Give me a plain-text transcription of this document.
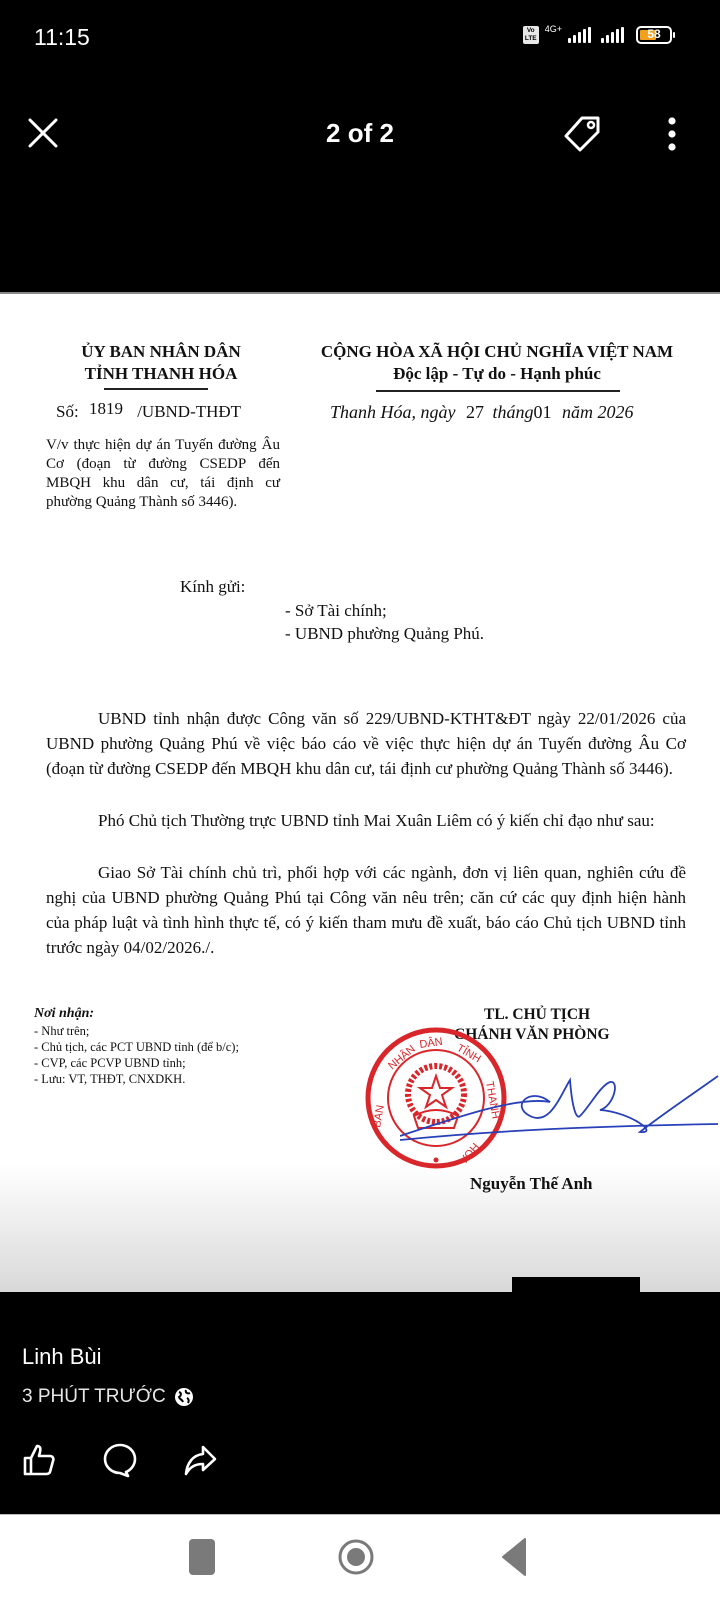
11:15	Vo
LTE
4G+	58
2 of 2
ỦY BAN NHÂN DÂN
TỈNH THANH HÓA
CỘNG HÒA XÃ HỘI CHỦ NGHĨA VIỆT NAM
Độc lập - Tự do - Hạnh phúc
Số: 1819 /UBND-THĐT	Thanh Hóa, ngày 27 tháng01 năm 2026
V/v thực hiện dự án Tuyến đường Âu Cơ (đoạn từ đường CSEDP đến MBQH khu dân cư, tái định cư phường Quảng Thành số 3446).
Kính gửi:
- Sở Tài chính;
- UBND phường Quảng Phú.
UBND tỉnh nhận được Công văn số 229/UBND-KTHT&ĐT ngày 22/01/2026 của UBND phường Quảng Phú về việc báo cáo về việc thực hiện dự án Tuyến đường Âu Cơ (đoạn từ đường CSEDP đến MBQH khu dân cư, tái định cư phường Quảng Thành số 3446).
Phó Chủ tịch Thường trực UBND tỉnh Mai Xuân Liêm có ý kiến chỉ đạo như sau:
Giao Sở Tài chính chủ trì, phối hợp với các ngành, đơn vị liên quan, nghiên cứu đề nghị của UBND phường Quảng Phú tại Công văn nêu trên; căn cứ các quy định hiện hành của pháp luật và tình hình thực tế, có ý kiến tham mưu đề xuất, báo cáo Chủ tịch UBND tỉnh trước ngày 04/02/2026./.
Nơi nhận:
- Như trên;
- Chủ tịch, các PCT UBND tỉnh (để b/c);
- CVP, các PCVP UBND tỉnh;
- Lưu: VT, THĐT, CNXDKH.
TL. CHỦ TỊCH
CHÁNH VĂN PHÒNG
NHÂN DÂN TỈNH
THANH
HÓA
BAN
Nguyễn Thế Anh
Linh Bùi
3 PHÚT TRƯỚC
